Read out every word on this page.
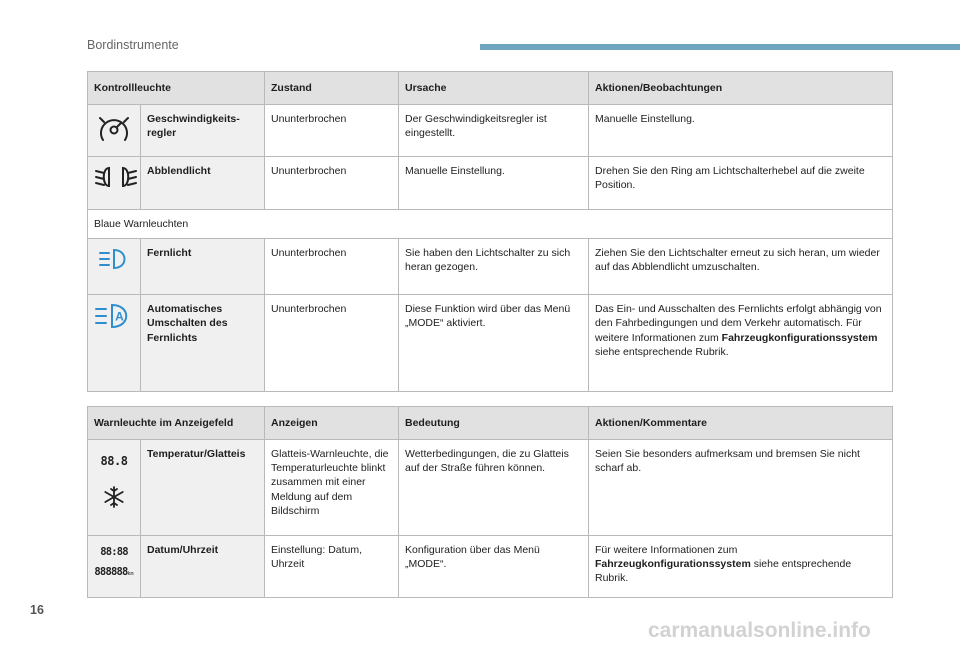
Bordinstrumente
Kontrollleuchte		Zustand	Ursache	Aktionen/Beobachtungen

	Geschwindigkeits-regler	Ununterbrochen	Der Geschwindigkeitsregler ist eingestellt.	Manuelle Einstellung.

	Abblendlicht	Ununterbrochen	Manuelle Einstellung.	Drehen Sie den Ring am Lichtschalterhebel auf die zweite Position.
Blaue Warnleuchten				

	Fernlicht	Ununterbrochen	Sie haben den Lichtschalter zu sich heran gezogen.	Ziehen Sie den Lichtschalter erneut zu sich heran, um wieder auf das Abblendlicht umzuschalten.

A	Automatisches Umschalten des Fernlichts	Ununterbrochen	Diese Funktion wird über das Menü „MODE“ aktiviert.	Das Ein- und Ausschalten des Fernlichts erfolgt abhängig von den Fahrbedingungen und dem Verkehr automatisch. Für weitere Informationen zum Fahrzeugkonfigurationssystem siehe entsprechende Rubrik.
Warnleuchte im Anzeigefeld		Anzeigen	Bedeutung	Aktionen/Kommentare

88.8	Temperatur/Glatteis	Glatteis-Warnleuchte, die Temperaturleuchte blinkt zusammen mit einer Meldung auf dem Bildschirm	Wetterbedingungen, die zu Glatteis auf der Straße führen können.	Seien Sie besonders aufmerksam und bremsen Sie nicht scharf ab.

88:88
888888km	Datum/Uhrzeit	Einstellung: Datum, Uhrzeit	Konfiguration über das Menü „MODE“.	Für weitere Informationen zum Fahrzeugkonfigurationssystem siehe entsprechende Rubrik.
16
carmanualsonline.info
